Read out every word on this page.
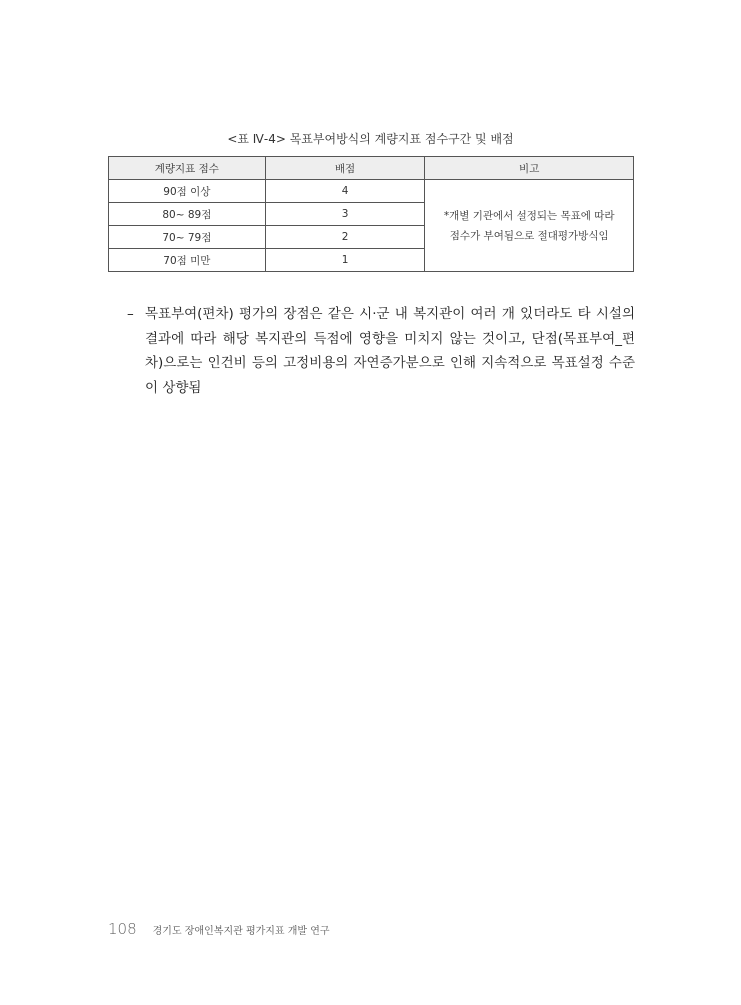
<표 Ⅳ-4> 목표부여방식의 계량지표 점수구간 및 배점
계량지표 점수	배점	비고
90점 이상	4	*개별 기관에서 설정되는 목표에 따라
점수가 부여됨으로 절대평가방식임

80~ 89점	3	
70~ 79점	2	
70점 미만	1	
– 목표부여(편차) 평가의 장점은 같은 시·군 내 복지관이 여러 개 있더라도 타 시설의 결과에 따라 해당 복지관의 득점에 영향을 미치지 않는 것이고, 단점(목표부여_편차)으로는 인건비 등의 고정비용의 자연증가분으로 인해 지속적으로 목표설정 수준이 상향됨
108 경기도 장애인복지관 평가지표 개발 연구
